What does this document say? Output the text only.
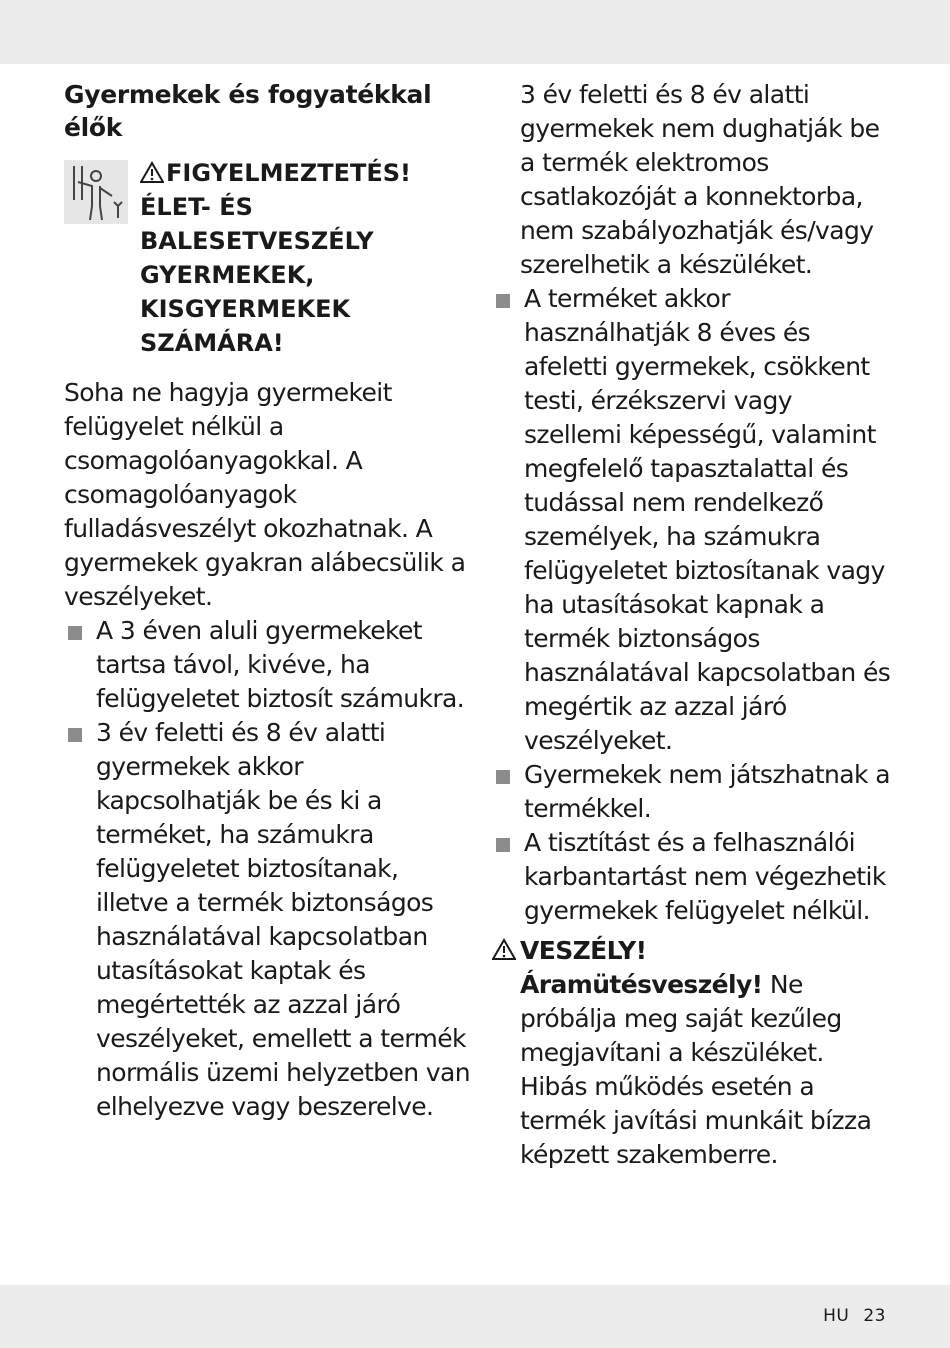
Gyermekek és fogyatékkal élők

FIGYELMEZTETÉS! ÉLET- ÉS BALESETVESZÉLY GYERMEKEK, KISGYERMEKEK SZÁMÁRA!

Soha ne hagyja gyermekeit felügyelet nélkül a csomagolóanyagokkal. A csomagolóanyagok fulladásveszélyt okozhatnak. A gyermekek gyakran alábecsülik a veszélyeket.

A 3 éven aluli gyermekeket tartsa távol, kivéve, ha felügyeletet biztosít számukra.
3 év feletti és 8 év alatti gyermekek akkor kapcsolhatják be és ki a terméket, ha számukra felügyeletet biztosítanak, illetve a termék biztonságos használatával kapcsolatban utasításokat kaptak és megértették az azzal járó veszélyeket, emellett a termék normális üzemi helyzetben van elhelyezve vagy beszerelve.

3 év feletti és 8 év alatti gyermekek nem dughatják be a termék elektromos csatlakozóját a konnektorba, nem szabályozhatják és/vagy szerelhetik a készüléket.

A terméket akkor használhatják 8 éves és afeletti gyermekek, csökkent testi, érzékszervi vagy szellemi képességű, valamint megfelelő tapasztalattal és tudással nem rendelkező személyek, ha számukra felügyeletet biztosítanak vagy ha utasításokat kapnak a termék biztonságos használatával kapcsolatban és megértik az azzal járó veszélyeket.
Gyermekek nem játszhatnak a termékkel.
A tisztítást és a felhasználói karbantartást nem végezhetik gyermekek felügyelet nélkül.
VESZÉLY!
Áramütésveszély! Ne próbálja meg saját kezűleg megjavítani a készüléket. Hibás működés esetén a termék javítási munkáit bízza képzett szakemberre.
HU 23
